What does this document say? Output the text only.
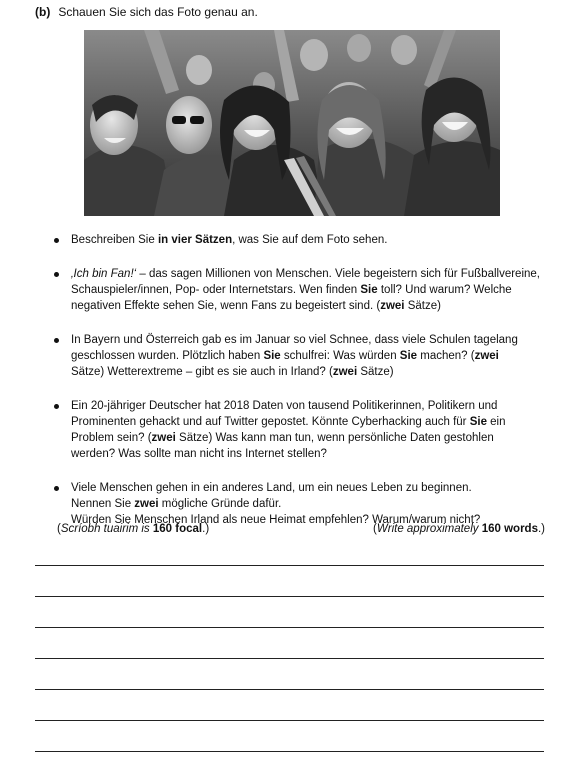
(b) Schauen Sie sich das Foto genau an.
Beschreiben Sie in vier Sätzen, was Sie auf dem Foto sehen.
‚Ich bin Fan!‘ – das sagen Millionen von Menschen. Viele begeistern sich für Fußballvereine,
Schauspieler/innen, Pop- oder Internetstars. Wen finden Sie toll? Und warum? Welche
negativen Effekte sehen Sie, wenn Fans zu begeistert sind. (zwei Sätze)
In Bayern und Österreich gab es im Januar so viel Schnee, dass viele Schulen tagelang
geschlossen wurden. Plötzlich haben Sie schulfrei: Was würden Sie machen? (zwei
Sätze) Wetterextreme – gibt es sie auch in Irland? (zwei Sätze)
Ein 20-jähriger Deutscher hat 2018 Daten von tausend Politikerinnen, Politikern und
Prominenten gehackt und auf Twitter gepostet. Könnte Cyberhacking auch für Sie ein
Problem sein? (zwei Sätze) Was kann man tun, wenn persönliche Daten gestohlen
werden? Was sollte man nicht ins Internet stellen?
Viele Menschen gehen in ein anderes Land, um ein neues Leben zu beginnen.
Nennen Sie zwei mögliche Gründe dafür.
Würden Sie Menschen Irland als neue Heimat empfehlen? Warum/warum nicht?
(Scríobh tuairim is 160 focal.)	(Write approximately 160 words.)
